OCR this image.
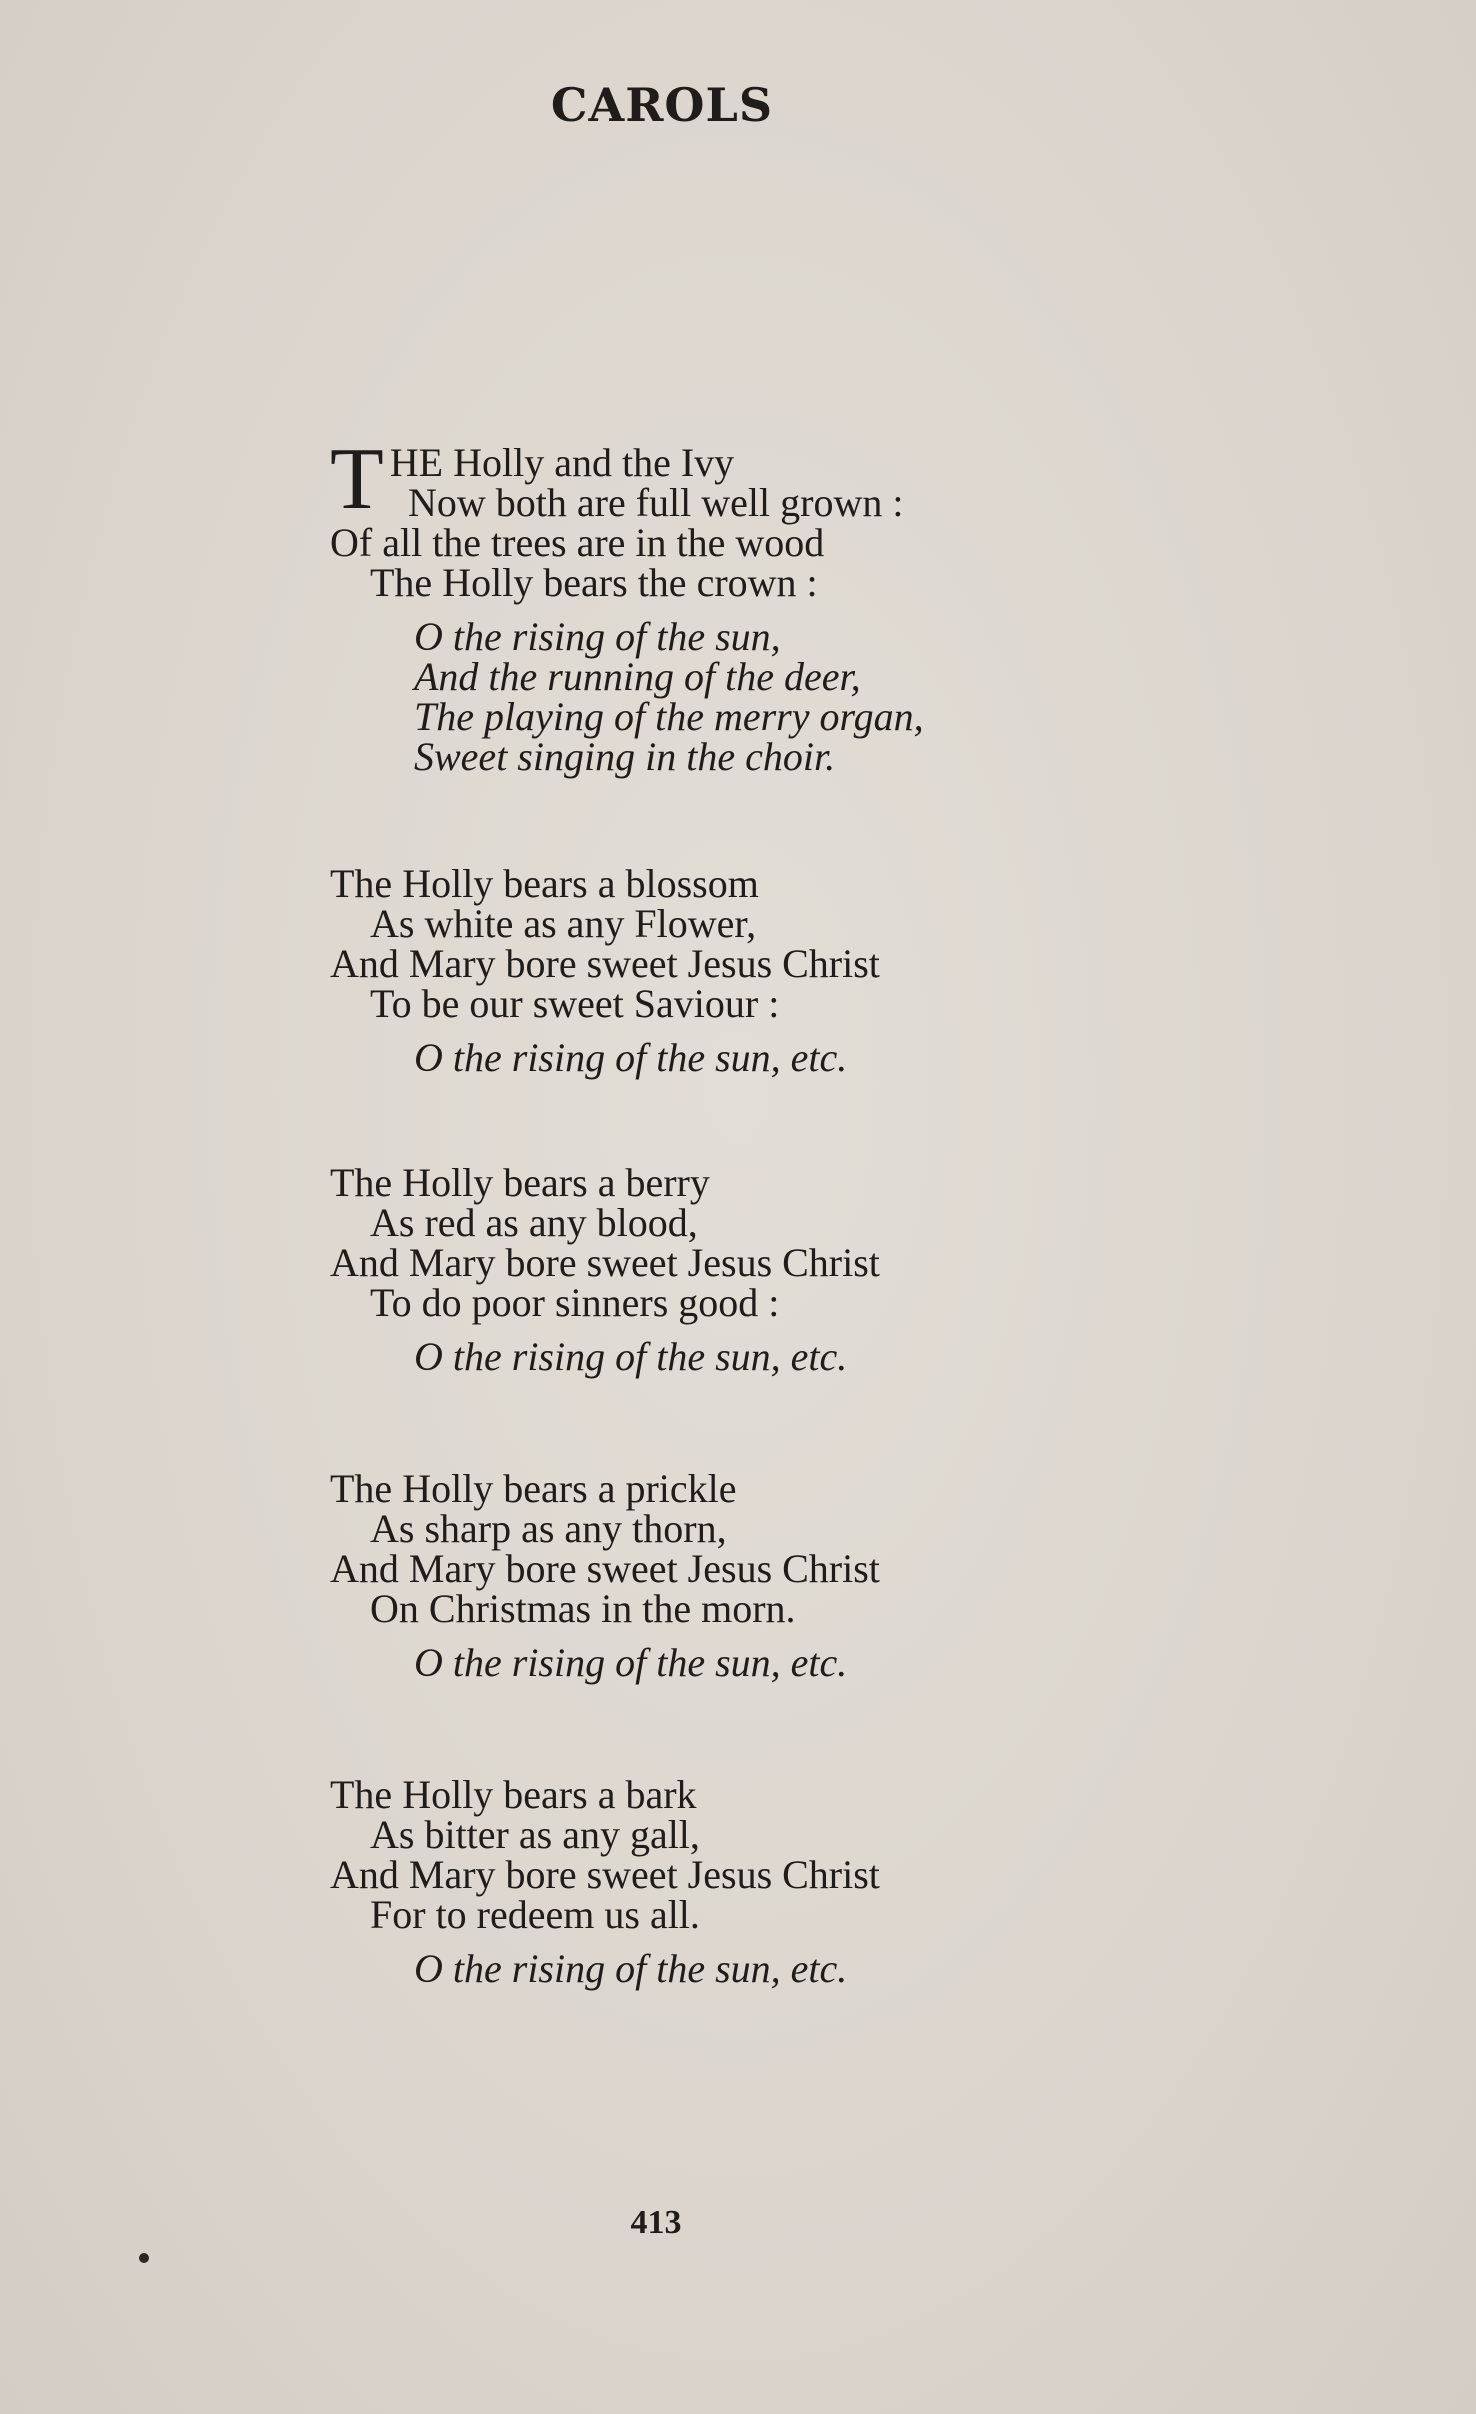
CAROLS
T HE Holly and the Ivy
Now both are full well grown :
Of all the trees are in the wood
The Holly bears the crown :
O the rising of the sun,
And the running of the deer,
The playing of the merry organ,
Sweet singing in the choir.
The Holly bears a blossom
As white as any Flower,
And Mary bore sweet Jesus Christ
To be our sweet Saviour :
O the rising of the sun, etc.
The Holly bears a berry
As red as any blood,
And Mary bore sweet Jesus Christ
To do poor sinners good :
O the rising of the sun, etc.
The Holly bears a prickle
As sharp as any thorn,
And Mary bore sweet Jesus Christ
On Christmas in the morn.
O the rising of the sun, etc.
The Holly bears a bark
As bitter as any gall,
And Mary bore sweet Jesus Christ
For to redeem us all.
O the rising of the sun, etc.
413
